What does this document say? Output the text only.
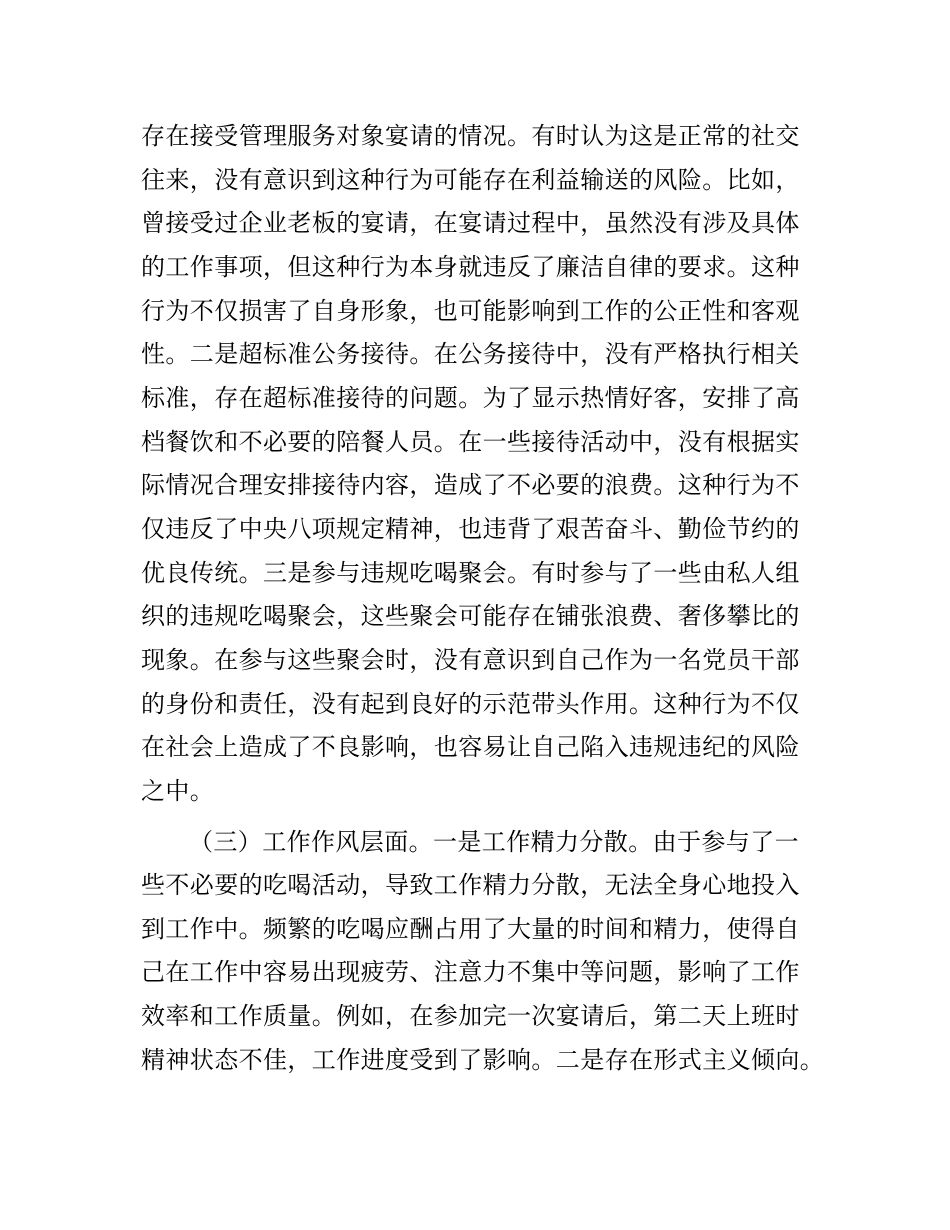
存在接受管理服务对象宴请的情况。有时认为这是正常的社交
往来，没有意识到这种行为可能存在利益输送的风险。比如，
曾接受过企业老板的宴请，在宴请过程中，虽然没有涉及具体
的工作事项，但这种行为本身就违反了廉洁自律的要求。这种
行为不仅损害了自身形象，也可能影响到工作的公正性和客观
性。二是超标准公务接待。在公务接待中，没有严格执行相关
标准，存在超标准接待的问题。为了显示热情好客，安排了高
档餐饮和不必要的陪餐人员。在一些接待活动中，没有根据实
际情况合理安排接待内容，造成了不必要的浪费。这种行为不
仅违反了中央八项规定精神，也违背了艰苦奋斗、勤俭节约的
优良传统。三是参与违规吃喝聚会。有时参与了一些由私人组
织的违规吃喝聚会，这些聚会可能存在铺张浪费、奢侈攀比的
现象。在参与这些聚会时，没有意识到自己作为一名党员干部
的身份和责任，没有起到良好的示范带头作用。这种行为不仅
在社会上造成了不良影响，也容易让自己陷入违规违纪的风险
之中。
（三）工作作风层面。一是工作精力分散。由于参与了一
些不必要的吃喝活动，导致工作精力分散，无法全身心地投入
到工作中。频繁的吃喝应酬占用了大量的时间和精力，使得自
己在工作中容易出现疲劳、注意力不集中等问题，影响了工作
效率和工作质量。例如，在参加完一次宴请后，第二天上班时
精神状态不佳，工作进度受到了影响。二是存在形式主义倾向。
